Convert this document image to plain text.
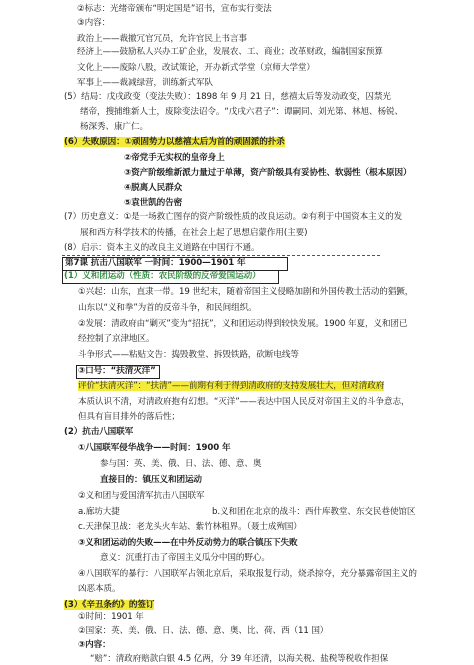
②标志：光绪帝颁布“明定国是”诏书，宣布实行变法
③内容：
政治上——裁撤冗官冗员，允许官民上书言事
经济上——鼓励私人兴办工矿企业，发展农、工、商业；改革财政，编制国家预算
文化上——废除八股，改试策论，开办新式学堂（京师大学堂）
军事上——裁减绿营，训练新式军队
(5）结局：戊戌政变（变法失败）：1898 年 9 月 21 日，慈禧太后等发动政变，囚禁光
绪帝，搜捕维新人士，废除变法诏令。“戊戌六君子”：谭嗣同、刘光第、林旭、杨锐、
杨深秀、康广仁。
(6）失败原因：①顽固势力以慈禧太后为首的顽固派的扑杀
②帝党手无实权的皇帝身上
③资产阶级维新派力量过于单薄，资产阶级具有妥协性、软弱性（根本原因）
④脱离人民群众
⑤袁世凯的告密
(7）历史意义：①是一场救亡图存的资产阶级性质的改良运动。②有利于中国资本主义的发
展和西方科学技术的传播，在社会上起了思想启蒙作用(主要)
(8）启示：资本主义的改良主义道路在中国行不通。
第7课 抗击八国联军 一时间：1900—1901 年
(1）义和团运动（性质：农民阶级的反帝爱国运动）
①兴起：山东，直隶一带。19 世纪末，随着帝国主义侵略加剧和外国传教士活动的猖獗，
山东以“义和拳”为首的反帝斗争，和民间组织。
②发展：清政府由“剿灭”变为“招抚”，义和团运动得到较快发展。1900 年夏，义和团已
经控制了京津地区。
斗争形式——粘贴文告：捣毁教堂、拆毁铁路，砍断电线等
③口号：“扶清灭洋”
评价“扶清灭洋”：“扶清”——前期有利于得到清政府的支持发展壮大，但对清政府
本质认识不清，对清政府抱有幻想。“灭洋”——表达中国人民反对帝国主义的斗争意志，
但具有盲目排外的落后性；
(2）抗击八国联军
①八国联军侵华战争——时间：1900 年
参与国：英、美、俄、日、法、德、意、奥
直接目的：镇压义和团运动
②义和团与爱国清军抗击八国联军
a.廊坊大捷	b.义和团在北京的战斗：西什库教堂、东交民巷使馆区
c.天津保卫战：老龙头火车站、紫竹林租界。（聂士成殉国）
③义和团运动的失败——在中外反动势力的联合镇压下失败
意义：沉重打击了帝国主义瓜分中国的野心。
④八国联军的暴行：八国联军占领北京后，采取报复行动，烧杀掠夺，充分暴露帝国主义的
凶恶本质。
(3）《辛丑条约》的签订
①时间：1901 年
②国家：英、美、俄、日、法、德、意、奥、比、荷、西（11 国）
③内容：
“赔”：清政府赔款白银 4.5 亿两，分 39 年还清，以海关税、盐税等税收作担保
